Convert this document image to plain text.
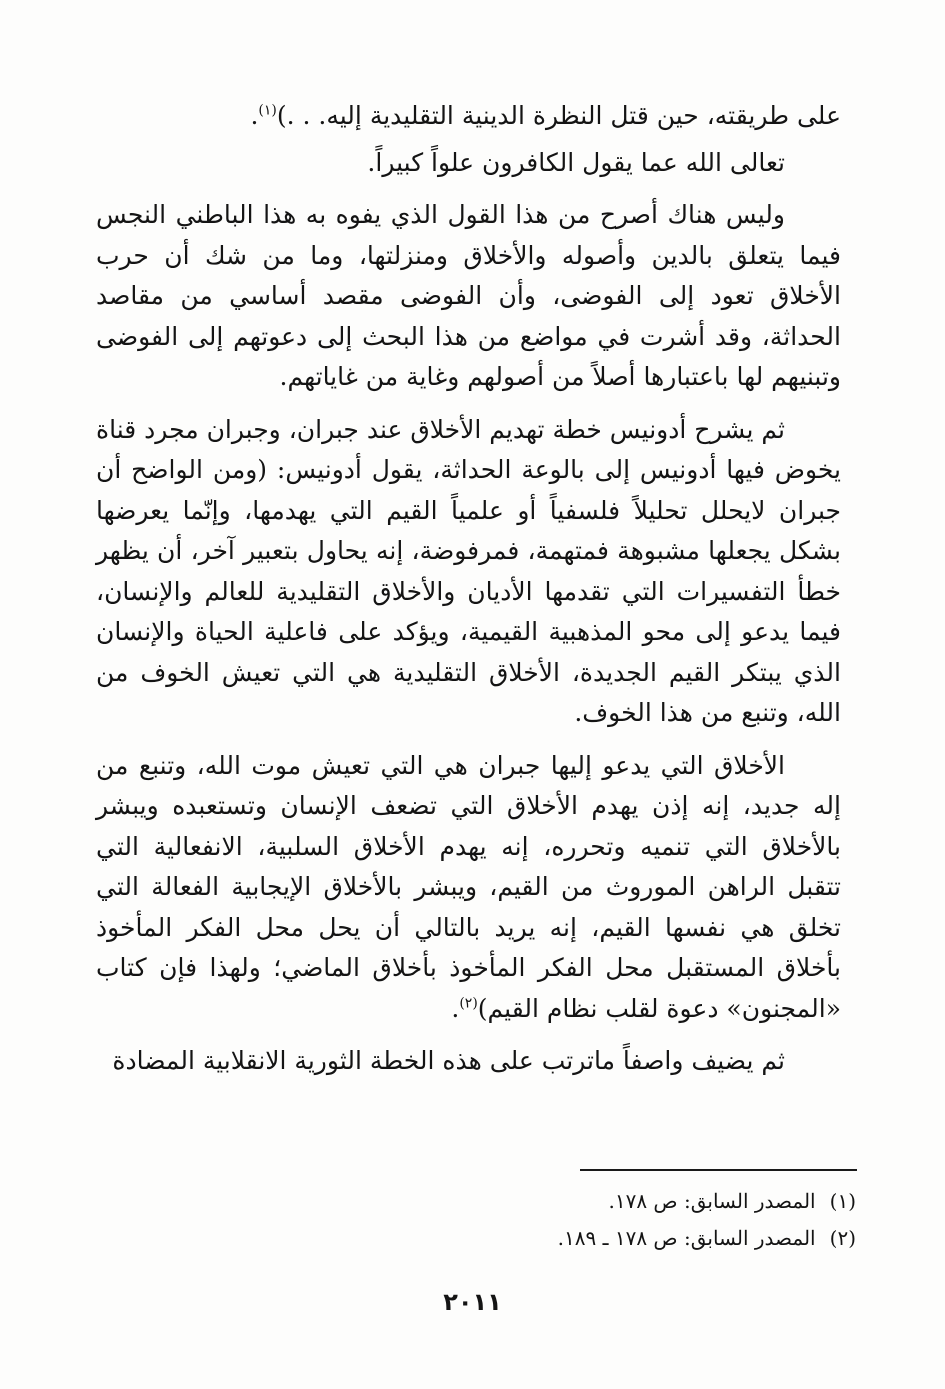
على طريقته، حين قتل النظرة الدينية التقليدية إليه. . .)$^{(١)}$.

تعالى الله عما يقول الكافرون علواً كبيراً.

وليس هناك أصرح من هذا القول الذي يفوه به هذا الباطني النجس فيما يتعلق بالدين وأصوله والأخلاق ومنزلتها، وما من شك أن حرب الأخلاق تعود إلى الفوضى، وأن الفوضى مقصد أساسي من مقاصد الحداثة، وقد أشرت في مواضع من هذا البحث إلى دعوتهم إلى الفوضى وتبنيهم لها باعتبارها أصلاً من أصولهم وغاية من غاياتهم.

ثم يشرح أدونيس خطة تهديم الأخلاق عند جبران، وجبران مجرد قناة يخوض فيها أدونيس إلى بالوعة الحداثة، يقول أدونيس: (ومن الواضح أن جبران لايحلل تحليلاً فلسفياً أو علمياً القيم التي يهدمها، وإنّما يعرضها بشكل يجعلها مشبوهة فمتهمة، فمرفوضة، إنه يحاول بتعبير آخر، أن يظهر خطأ التفسيرات التي تقدمها الأديان والأخلاق التقليدية للعالم والإنسان، فيما يدعو إلى محو المذهبية القيمية، ويؤكد على فاعلية الحياة والإنسان الذي يبتكر القيم الجديدة، الأخلاق التقليدية هي التي تعيش الخوف من الله، وتنبع من هذا الخوف.

الأخلاق التي يدعو إليها جبران هي التي تعيش موت الله، وتنبع من إله جديد، إنه إذن يهدم الأخلاق التي تضعف الإنسان وتستعبده ويبشر بالأخلاق التي تنميه وتحرره، إنه يهدم الأخلاق السلبية، الانفعالية التي تتقبل الراهن الموروث من القيم، ويبشر بالأخلاق الإيجابية الفعالة التي تخلق هي نفسها القيم، إنه يريد بالتالي أن يحل محل الفكر المأخوذ بأخلاق المستقبل محل الفكر المأخوذ بأخلاق الماضي؛ ولهذا فإن كتاب «المجنون» دعوة لقلب نظام القيم)$^{(٢)}$.

ثم يضيف واصفاً ماترتب على هذه الخطة الثورية الانقلابية المضادة

(١)المصدر السابق: ص ١٧٨.

(٢)المصدر السابق: ص ١٧٨ ـ ١٨٩.

٢٠١١
